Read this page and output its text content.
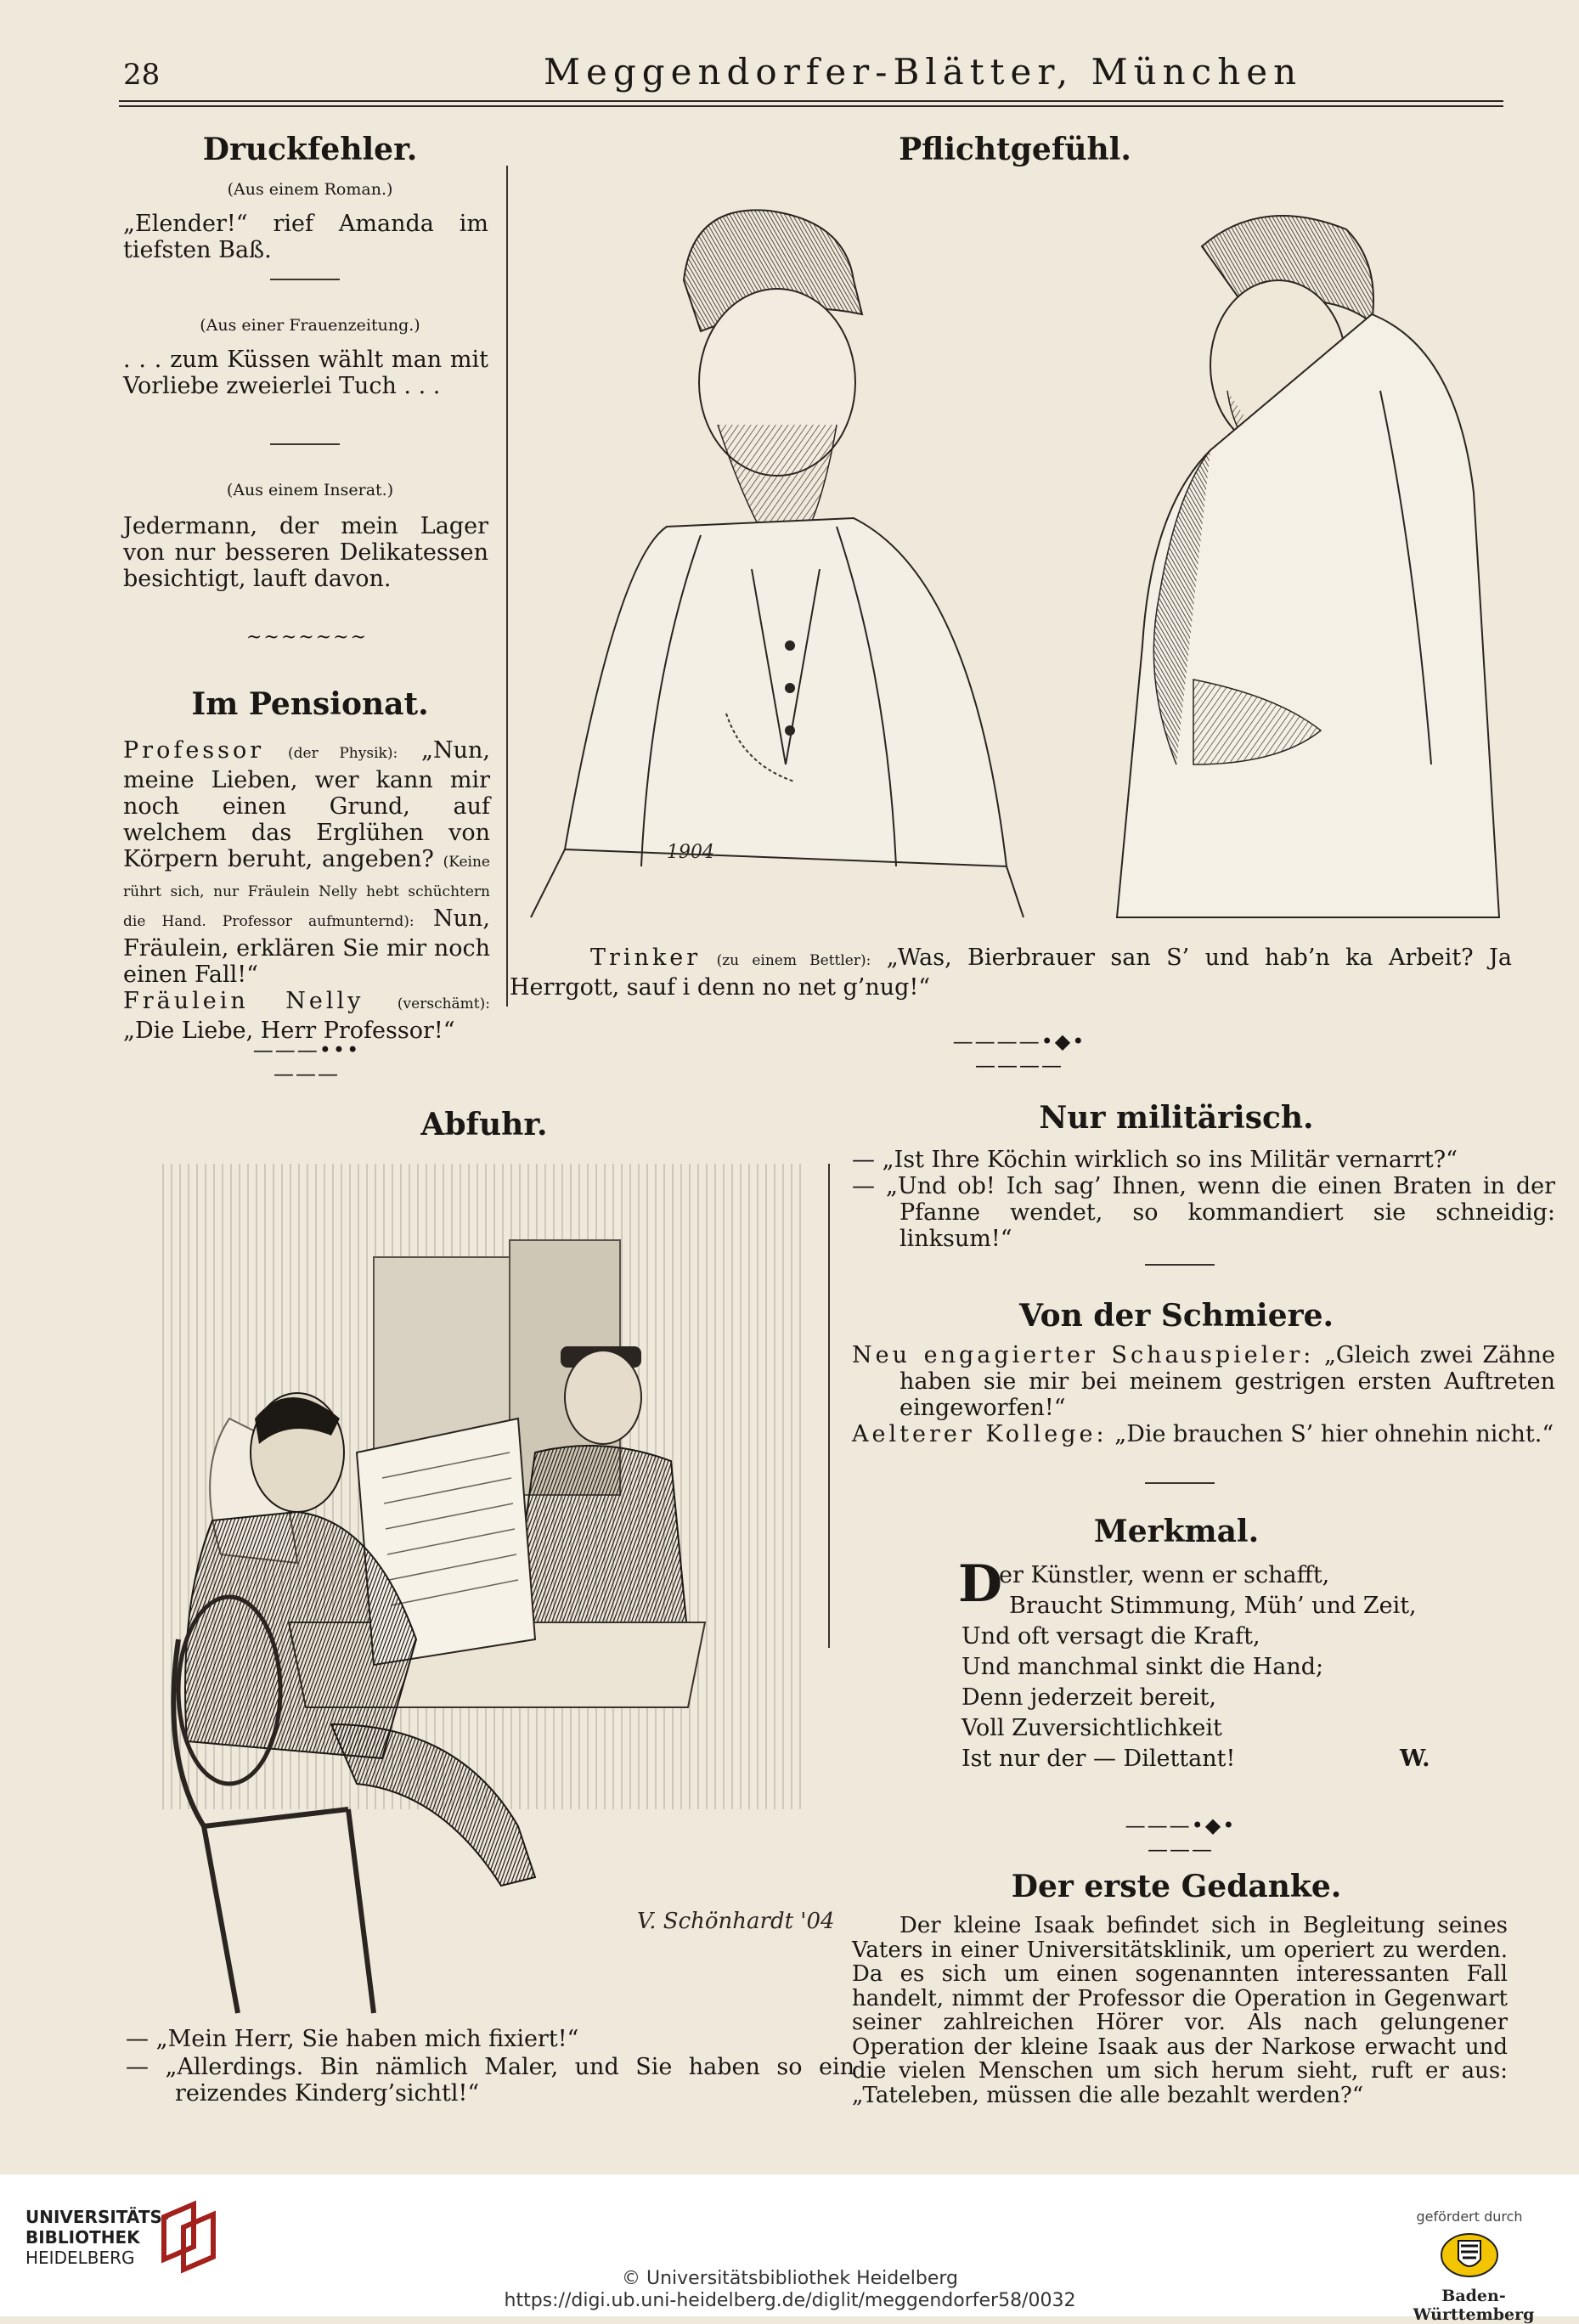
28	Meggendorfer-Blätter, München
Druckfehler.
(Aus einem Roman.)
„Elender!“ rief Amanda im tiefsten Baß.
(Aus einer Frauenzeitung.)
. . . zum Küssen wählt man mit Vorliebe zweierlei Tuch . . .
(Aus einem Inserat.)
Jedermann, der mein Lager von nur besseren Delikatessen besichtigt, lauft davon.
~~~~~~~
Im Pensionat.
Professor (der Physik): „Nun, meine Lieben, wer kann mir noch einen Grund, auf welchem das Erglühen von Körpern beruht, angeben? (Keine rührt sich, nur Fräulein Nelly hebt schüchtern die Hand. Professor aufmunternd): Nun, Fräulein, erklären Sie mir noch einen Fall!“
Fräulein Nelly (verschämt): „Die Liebe, Herr Professor!“
———•••———
Pflichtgefühl.
1904
Trinker (zu einem Bettler): „Was, Bierbrauer san S’ und hab’n ka Arbeit? Ja Herrgott, sauf i denn no net g’nug!“
————•◆•————
Abfuhr.
V. Schönhardt '04
— „Mein Herr, Sie haben mich fixiert!“
— „Allerdings. Bin nämlich Maler, und Sie haben so ein reizendes Kinderg’sichtl!“
Nur militärisch.
— „Ist Ihre Köchin wirklich so ins Militär vernarrt?“
— „Und ob! Ich sag’ Ihnen, wenn die einen Braten in der Pfanne wendet, so kommandiert sie schneidig: linksum!“
Von der Schmiere.
Neu engagierter Schauspieler: „Gleich zwei Zähne haben sie mir bei meinem gestrigen ersten Auftreten eingeworfen!“
Aelterer Kollege: „Die brauchen S’ hier ohnehin nicht.“
Merkmal.
D
er Künstler, wenn er schafft,
Braucht Stimmung, Müh’ und Zeit,
Und oft versagt die Kraft,
Und manchmal sinkt die Hand;
Denn jederzeit bereit,
Voll Zuversichtlichkeit
Ist nur der — Dilettant!	W.
———•◆•———
Der erste Gedanke.
Der kleine Isaak befindet sich in Begleitung seines Vaters in einer Universitätsklinik, um operiert zu werden. Da es sich um einen sogenannten interessanten Fall handelt, nimmt der Professor die Operation in Gegenwart seiner zahlreichen Hörer vor. Als nach gelungener Operation der kleine Isaak aus der Narkose erwacht und die vielen Menschen um sich herum sieht, ruft er aus: „Tateleben, müssen die alle bezahlt werden?“
UNIVERSITÄTS-
BIBLIOTHEK
HEIDELBERG
© Universitätsbibliothek Heidelberg
https://digi.ub.uni-heidelberg.de/diglit/meggendorfer58/0032
gefördert durch
Baden-Württemberg
